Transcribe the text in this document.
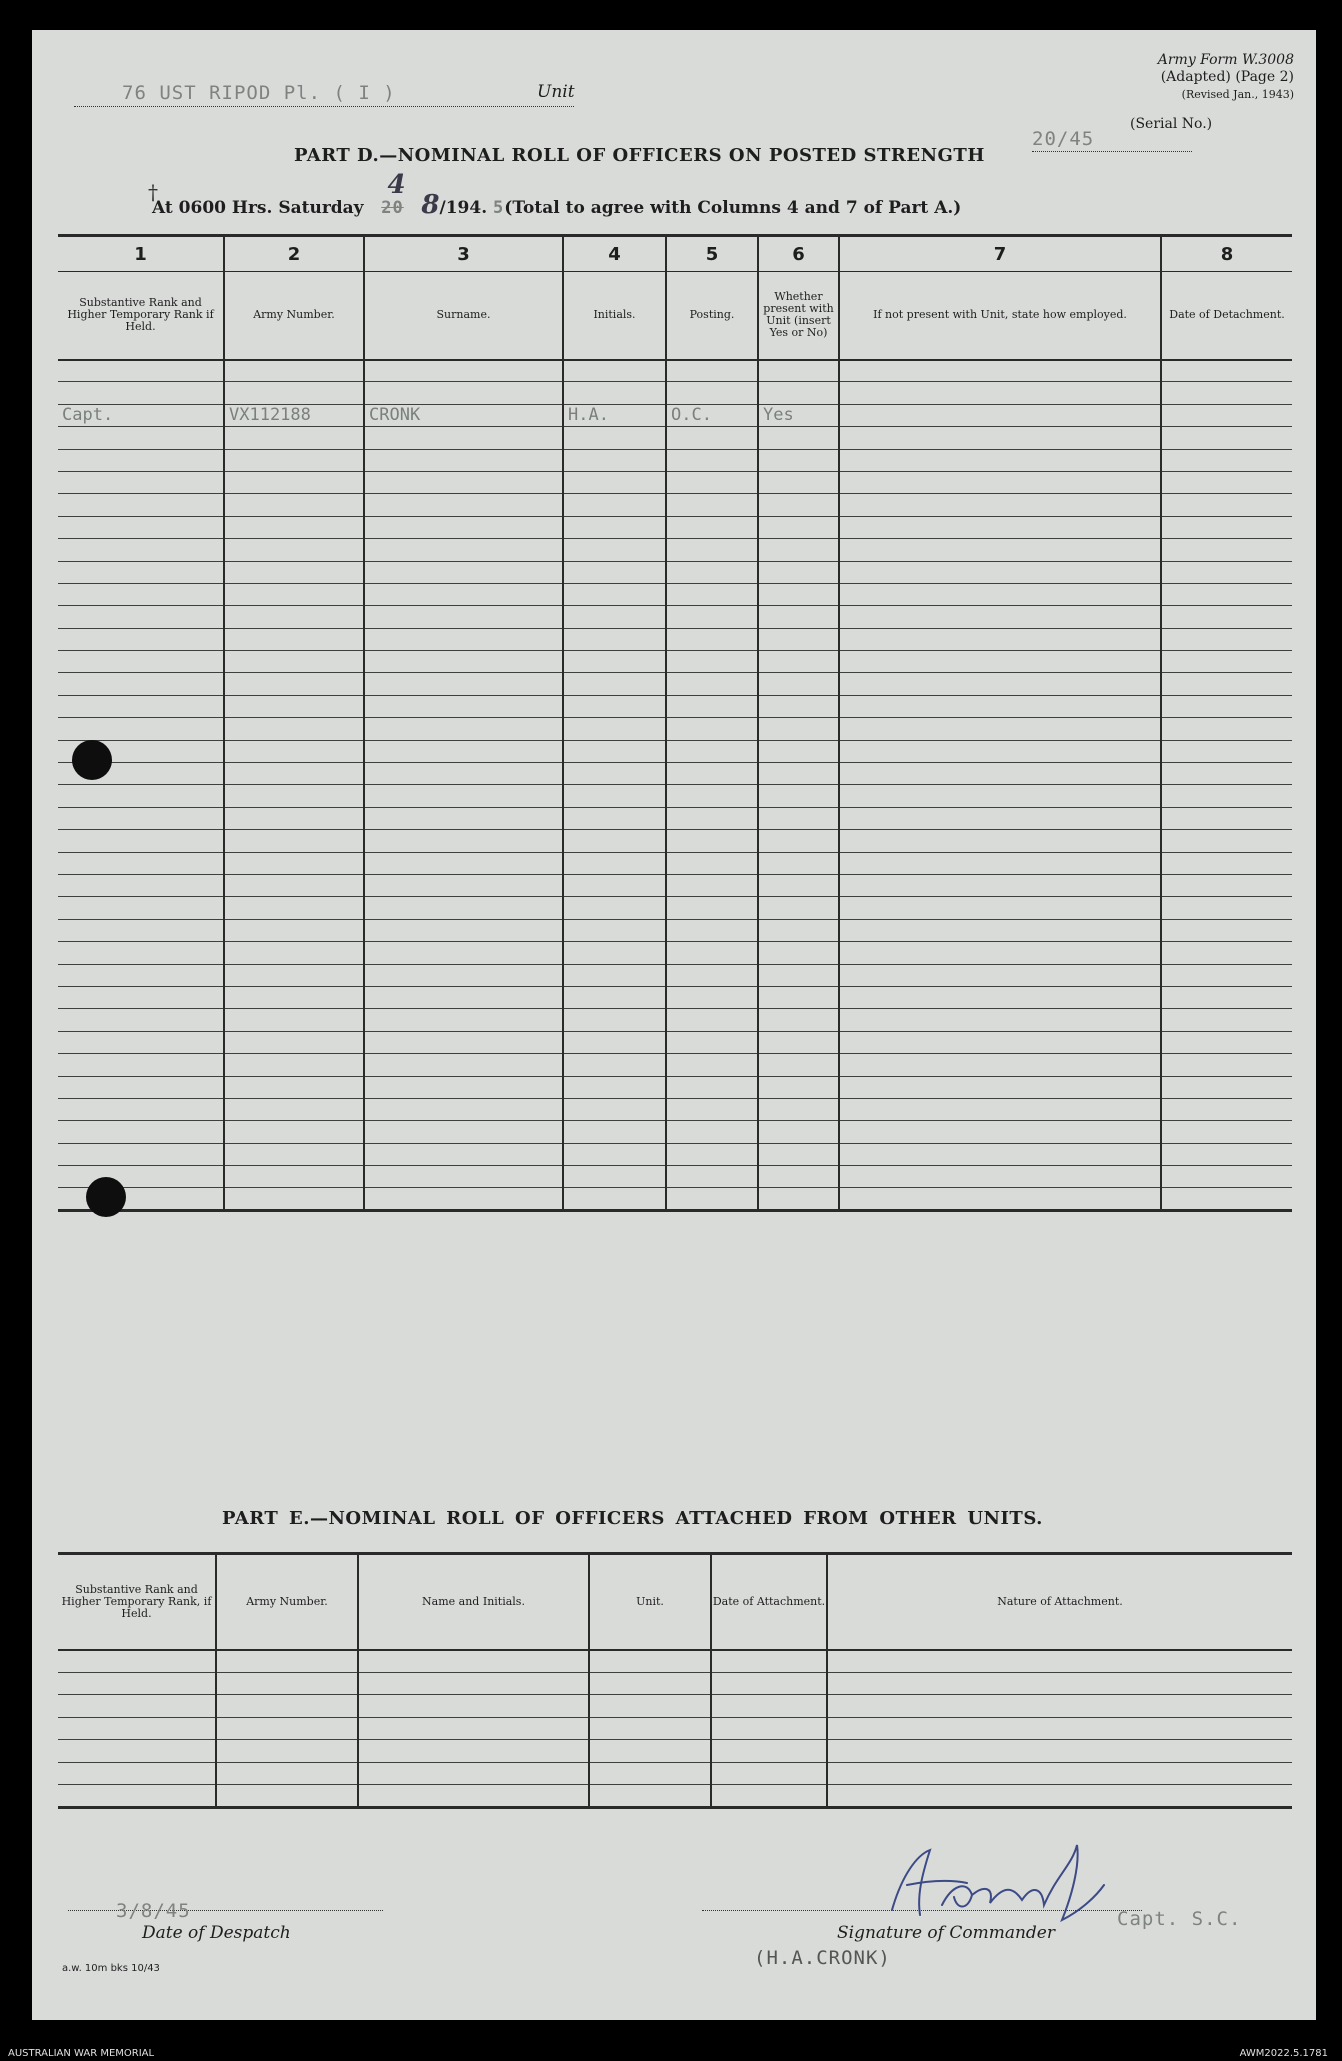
Army Form W.3008
(Adapted) (Page 2)
(Revised Jan., 1943)
76 UST RIPOD Pl. ( I )	Unit
20/45
(Serial No.)
PART D.—NOMINAL ROLL OF OFFICERS ON POSTED STRENGTH
†
At 0600 Hrs. Saturday 20
4
8/194. 5(Total to agree with Columns 4 and 7 of Part A.)
1	2	3	4	5	6	7	8
Substantive Rank and Higher Temporary Rank if Held.	Army Number.	Surname.	Initials.	Posting.	Whether present with Unit (insert Yes or No)	If not present with Unit, state how employed.	Date of Detachment.

Capt.	VX112188	CRONK	H.A.	O.C.	Yes		

PART E.—NOMINAL ROLL OF OFFICERS ATTACHED FROM OTHER UNITS.
Substantive Rank and Higher Temporary Rank, if Held.	Army Number.	Name and Initials.	Unit.	Date of Attachment.	Nature of Attachment.

3/8/45
Date of Despatch	Signature of Commander
Capt. S.C.
(H.A.CRONK)
a.w. 10m bks 10/43
AUSTRALIAN WAR MEMORIAL	AWM2022.5.1781
